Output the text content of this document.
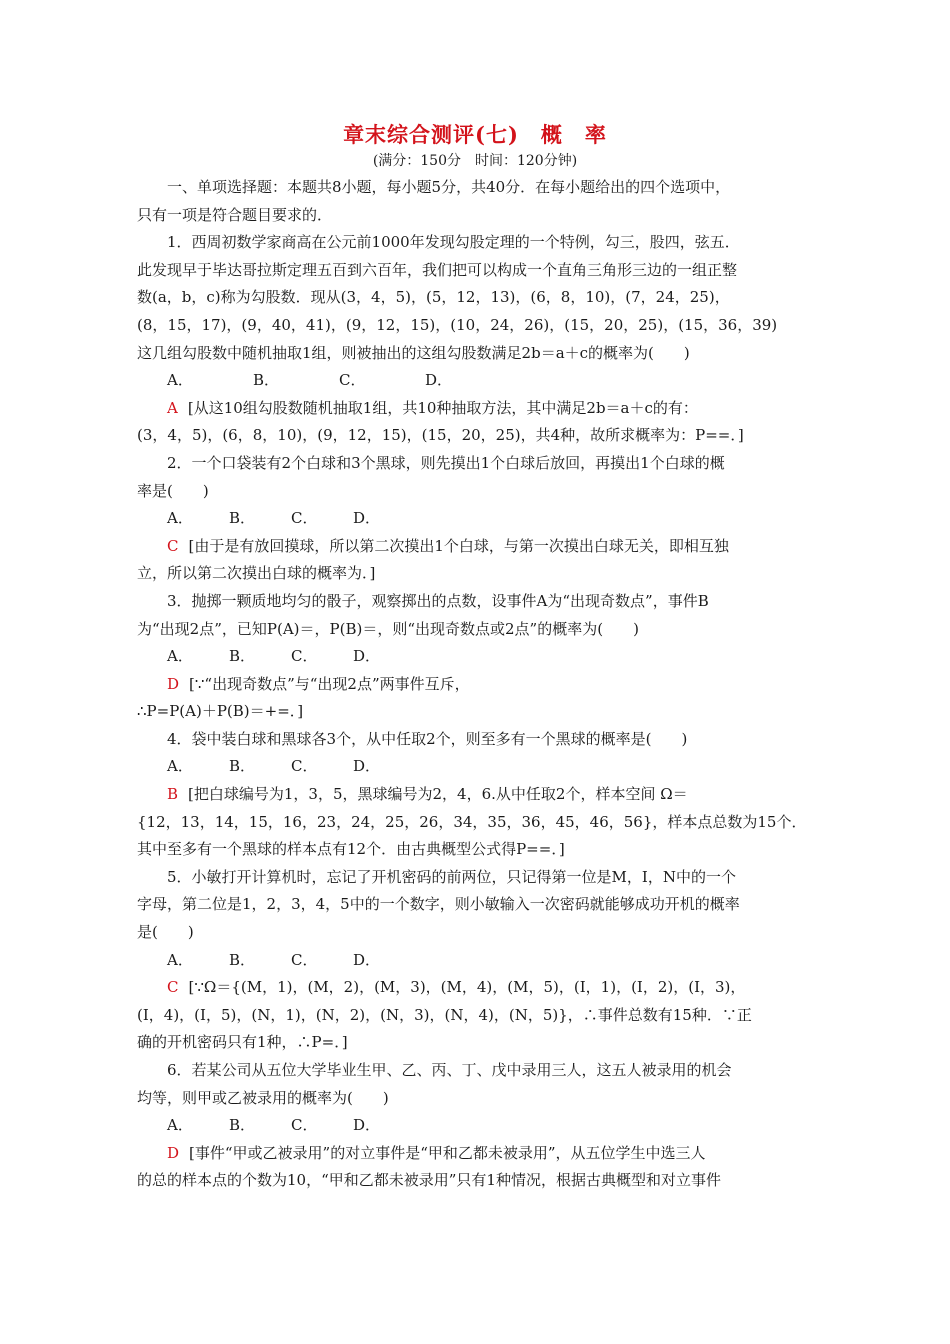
章末综合测评(七)　概　率

(满分：150分　时间：120分钟)

一、单项选择题：本题共8小题，每小题5分，共40分．在每小题给出的四个选项中，

只有一项是符合题目要求的．

1．西周初数学家商高在公元前1000年发现勾股定理的一个特例，勾三，股四，弦五．

此发现早于毕达哥拉斯定理五百到六百年，我们把可以构成一个直角三角形三边的一组正整

数(a，b，c)称为勾股数．现从(3，4，5)，(5，12，13)，(6，8，10)，(7，24，25)，

(8，15，17)，(9，40，41)，(9，12，15)，(10，24，26)，(15，20，25)，(15，36，39)

这几组勾股数中随机抽取1组，则被抽出的这组勾股数满足2b＝a＋c的概率为(　　)

A．	B．	C．	D．

A [从这10组勾股数随机抽取1组，共10种抽取方法，其中满足2b＝a＋c的有：

(3，4，5)，(6，8，10)，(9，12，15)，(15，20，25)，共4种，故所求概率为：P==．]

2．一个口袋装有2个白球和3个黑球，则先摸出1个白球后放回，再摸出1个白球的概

率是(　　)

A． B． C． D．

C [由于是有放回摸球，所以第二次摸出1个白球，与第一次摸出白球无关，即相互独

立，所以第二次摸出白球的概率为．]

3．抛掷一颗质地均匀的骰子，观察掷出的点数，设事件A为“出现奇数点”，事件B

为“出现2点”，已知P(A)＝，P(B)＝，则“出现奇数点或2点”的概率为(　　)

A． B． C． D．

D [∵“出现奇数点”与“出现2点”两事件互斥，

∴P=P(A)＋P(B)＝+=．]

4．袋中装白球和黑球各3个，从中任取2个，则至多有一个黑球的概率是(　　)

A． B． C． D．

B [把白球编号为1，3，5，黑球编号为2，4，6.从中任取2个，样本空间 Ω＝

{12，13，14，15，16，23，24，25，26，34，35，36，45，46，56}，样本点总数为15个．

其中至多有一个黑球的样本点有12个．由古典概型公式得P==．]

5．小敏打开计算机时，忘记了开机密码的前两位，只记得第一位是M，I，N中的一个

字母，第二位是1，2，3，4，5中的一个数字，则小敏输入一次密码就能够成功开机的概率

是(　　)

A． B． C． D．

C [∵Ω＝{(M，1)，(M，2)，(M，3)，(M，4)，(M，5)，(I，1)，(I，2)，(I，3)，

(I，4)，(I，5)，(N，1)，(N，2)，(N，3)，(N，4)，(N，5)}，∴事件总数有15种．∵正

确的开机密码只有1种，∴P=．]

6．若某公司从五位大学毕业生甲、乙、丙、丁、戊中录用三人，这五人被录用的机会

均等，则甲或乙被录用的概率为(　　)

A． B． C． D．

D [事件“甲或乙被录用”的对立事件是“甲和乙都未被录用”，从五位学生中选三人

的总的样本点的个数为10，“甲和乙都未被录用”只有1种情况，根据古典概型和对立事件
